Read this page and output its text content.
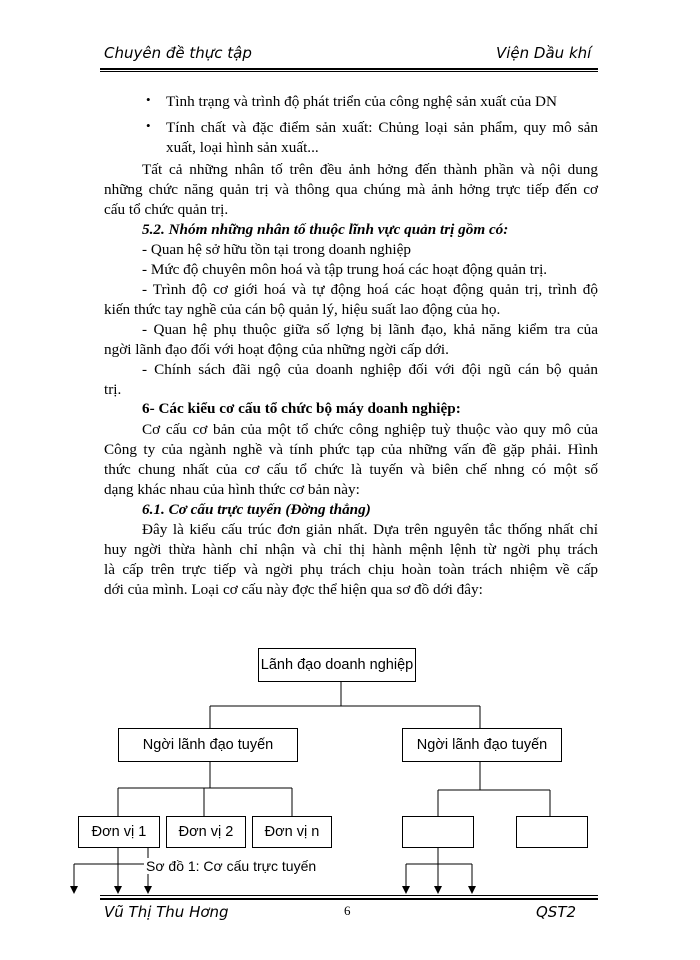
Chuyên đề thực tập	Viện Dầu khí
• Tình trạng và trình độ phát triển của công nghệ sản xuất của DN
• Tính chất và đặc điểm sản xuất: Chủng loại sản phẩm, quy mô sản
xuất, loại hình sản xuất...
Tất cả những nhân tố trên đều ảnh hởng đến thành phần và nội dung
những chức năng quản trị và thông qua chúng mà ảnh hởng trực tiếp đến cơ
cấu tổ chức quản trị.
5.2. Nhóm những nhân tố thuộc lĩnh vực quản trị gồm có:
- Quan hệ sở hữu tồn tại trong doanh nghiệp
- Mức độ chuyên môn hoá và tập trung hoá các hoạt động quản trị.
- Trình độ cơ giới hoá và tự động hoá các hoạt động quản trị, trình độ
kiến thức tay nghề của cán bộ quản lý, hiệu suất lao động của họ.
- Quan hệ phụ thuộc giữa số lợng bị lãnh đạo, khả năng kiểm tra của
ngời lãnh đạo đối với hoạt động của những ngời cấp dới.
- Chính sách đãi ngộ của doanh nghiệp đối với đội ngũ cán bộ quản
trị.
6- Các kiểu cơ cấu tổ chức bộ máy doanh nghiệp:
Cơ cấu cơ bản của một tổ chức công nghiệp tuỳ thuộc vào quy mô của
Công ty của ngành nghề và tính phức tạp của những vấn đề gặp phải. Hình
thức chung nhất của cơ cấu tổ chức là tuyến và biên chế nhng có một số
dạng khác nhau của hình thức cơ bản này:
6.1. Cơ cấu trực tuyến (Đờng thẳng)
Đây là kiểu cấu trúc đơn giản nhất. Dựa trên nguyên tắc thống nhất chỉ
huy ngời thừa hành chỉ nhận và chỉ thị hành mệnh lệnh từ ngời phụ trách
là cấp trên trực tiếp và ngời phụ trách chịu hoàn toàn trách nhiệm về cấp
dới của mình. Loại cơ cấu này đợc thể hiện qua sơ đồ dới đây:
Lãnh đạo doanh nghiệp
Ngời lãnh đạo tuyến	Ngời lãnh đạo tuyến
Đơn vị 1	Đơn vị 2	Đơn vị n
Sơ đồ 1: Cơ cấu trực tuyến
Vũ Thị Thu Hơng	6	QST2
